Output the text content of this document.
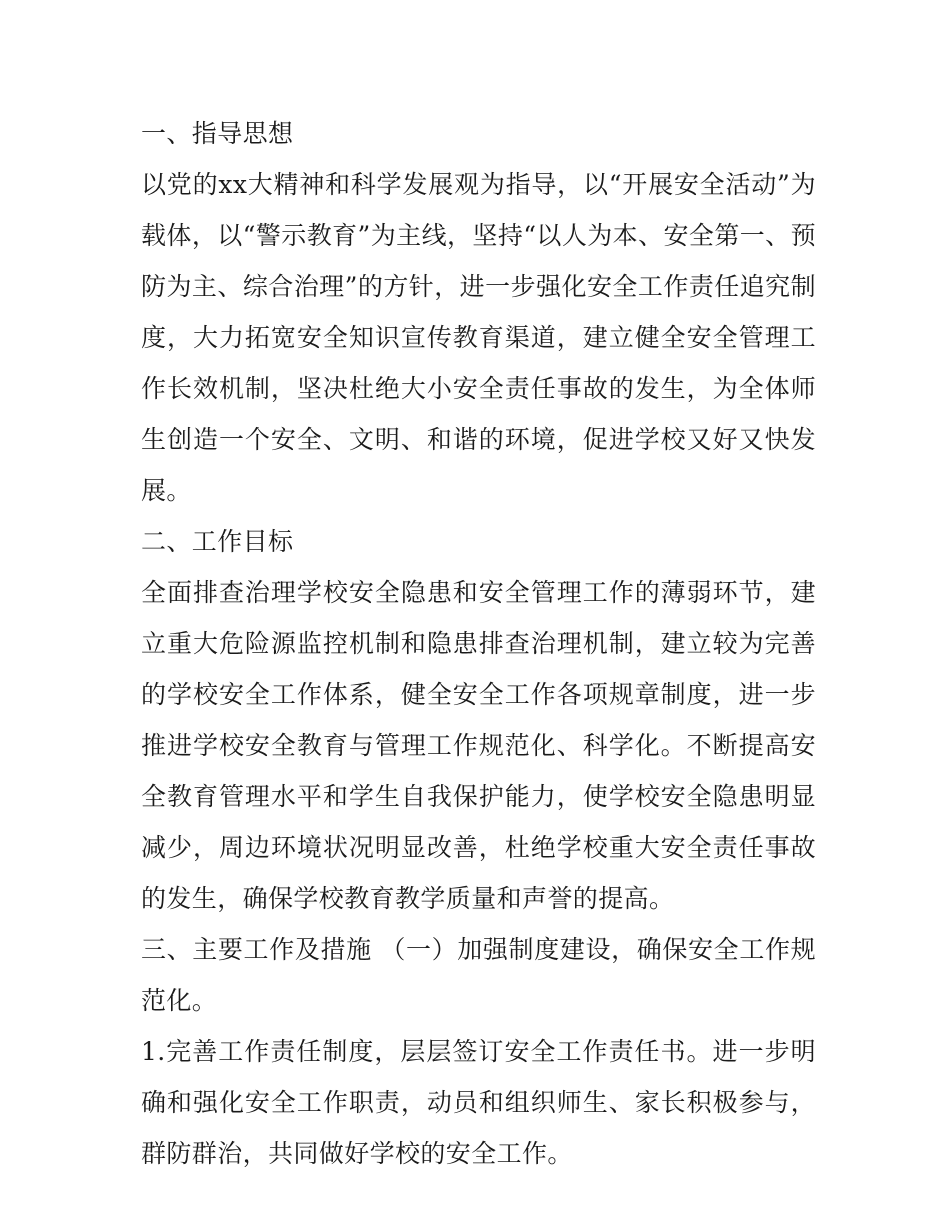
一、指导思想

以党的xx大精神和科学发展观为指导，以“开展安全活动”为载体，以“警示教育”为主线，坚持“以人为本、安全第一、预防为主、综合治理”的方针，进一步强化安全工作责任追究制度，大力拓宽安全知识宣传教育渠道，建立健全安全管理工作长效机制，坚决杜绝大小安全责任事故的发生，为全体师生创造一个安全、文明、和谐的环境，促进学校又好又快发展。

二、工作目标

全面排查治理学校安全隐患和安全管理工作的薄弱环节，建立重大危险源监控机制和隐患排查治理机制，建立较为完善的学校安全工作体系，健全安全工作各项规章制度，进一步推进学校安全教育与管理工作规范化、科学化。不断提高安全教育管理水平和学生自我保护能力，使学校安全隐患明显减少，周边环境状况明显改善，杜绝学校重大安全责任事故的发生，确保学校教育教学质量和声誉的提高。

三、主要工作及措施 （一）加强制度建设，确保安全工作规范化。

1.完善工作责任制度，层层签订安全工作责任书。进一步明确和强化安全工作职责，动员和组织师生、家长积极参与，群防群治，共同做好学校的安全工作。
